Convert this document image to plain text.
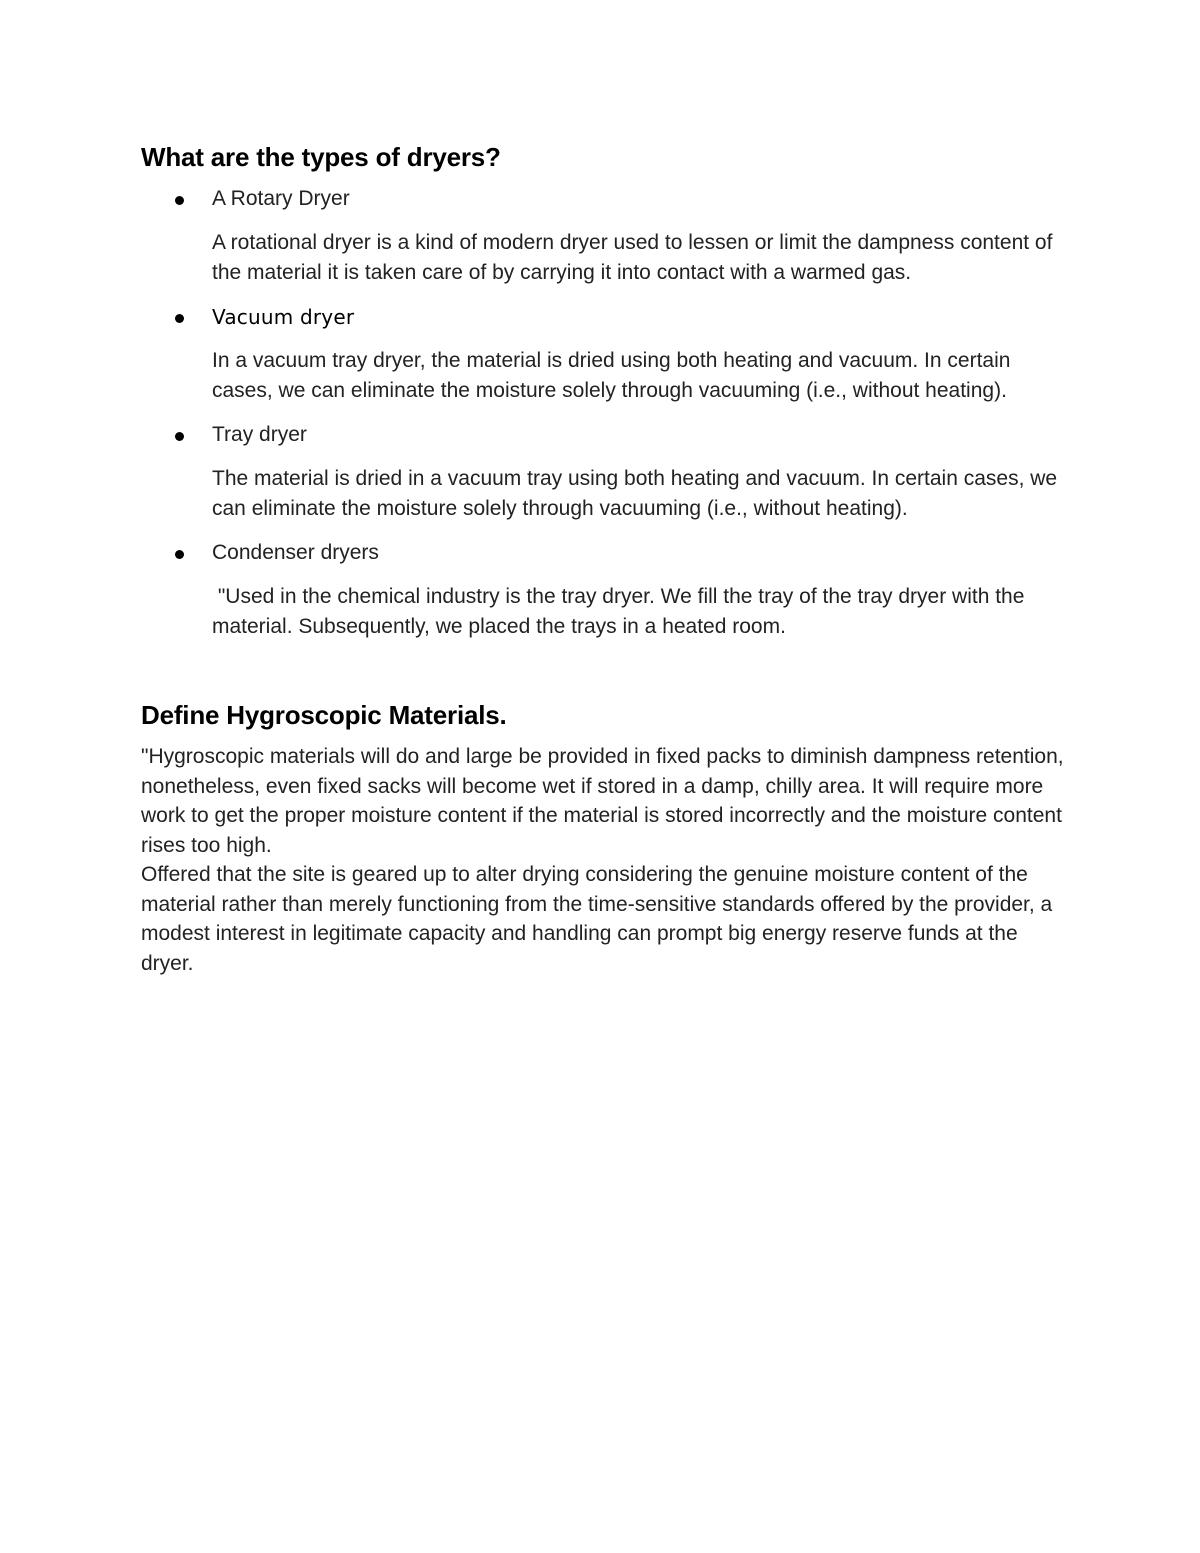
What are the types of dryers?

A Rotary Dryer

A rotational dryer is a kind of modern dryer used to lessen or limit the dampness content of the material it is taken care of by carrying it into contact with a warmed gas.

Vacuum dryer

In a vacuum tray dryer, the material is dried using both heating and vacuum. In certain cases, we can eliminate the moisture solely through vacuuming (i.e., without heating).

Tray dryer

The material is dried in a vacuum tray using both heating and vacuum. In certain cases, we can eliminate the moisture solely through vacuuming (i.e., without heating).

Condenser dryers

"Used in the chemical industry is the tray dryer. We fill the tray of the tray dryer with the material. Subsequently, we placed the trays in a heated room.

Define Hygroscopic Materials.

"Hygroscopic materials will do and large be provided in fixed packs to diminish dampness retention, nonetheless, even fixed sacks will become wet if stored in a damp, chilly area. It will require more work to get the proper moisture content if the material is stored incorrectly and the moisture content rises too high.

Offered that the site is geared up to alter drying considering the genuine moisture content of the material rather than merely functioning from the time-sensitive standards offered by the provider, a modest interest in legitimate capacity and handling can prompt big energy reserve funds at the dryer.
